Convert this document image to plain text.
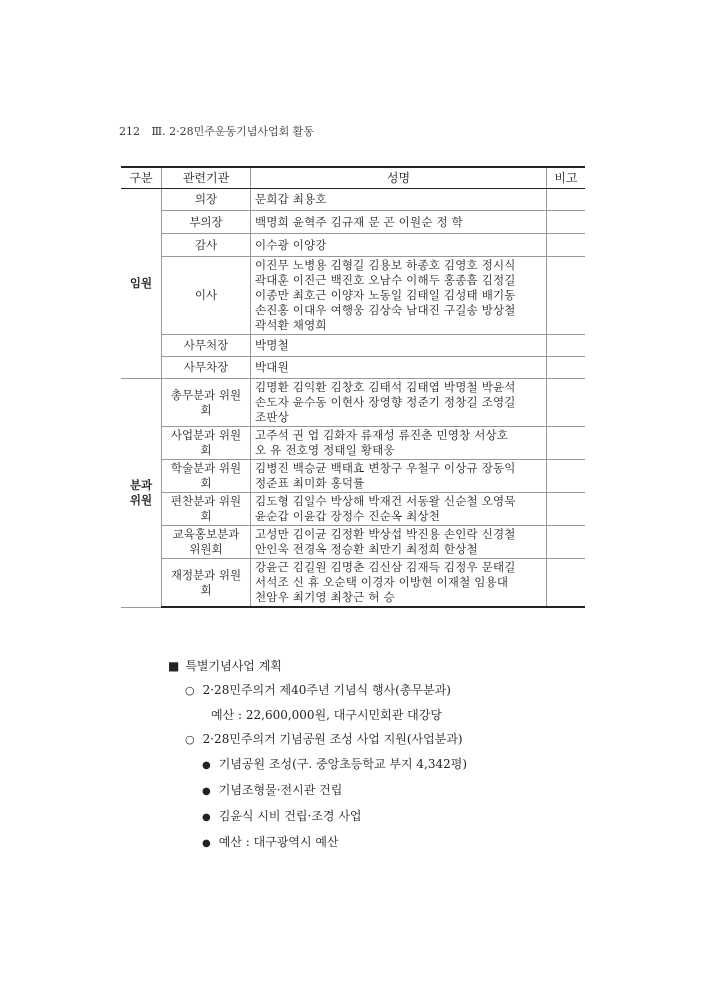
212 Ⅲ. 2·28민주운동기념사업회 활동
구분	관련기관	성명	비고
임원	의장	문희갑 최용호	
	부의장	백명희 윤혁주 김규재 문 곤 이원순 정 학	
	감사	이수광 이양강	
	이사	이진무 노병용 김형길 김용보 하종호 김영호 정시식
곽대훈 이진근 백진호 오남수 이해두 홍종흠 김정길
이종만 최호근 이양자 노동일 김태일 김성태 배기동
손진홍 이대우 여행웅 김상숙 남대진 구길송 방상철
곽석환 채영희	
	사무처장	박명철	
	사무차장	박대원	
분과
위원	총무분과 위원회	김명환 김익환 김창호 김태석 김태엽 박명철 박윤석
손도자 윤수동 이현사 장영향 정준기 정창길 조영길
조판상	
	사업분과 위원회	고주석 권 업 김화자 류재성 류진춘 민영창 서상호
오 유 전호영 정태일 황태웅	
	학술분과 위원회	김병진 백승균 백태효 변창구 우철구 이상규 장동익
정준표 최미화 홍덕률	
	편찬분과 위원회	김도형 김일수 박상해 박재건 서동왈 신순철 오영묵
윤순갑 이윤갑 장정수 진순옥 최상천	
	교육홍보분과
위원회	고성만 김이균 김정환 박상섭 박진용 손인락 신경철
안인욱 전경옥 정승환 최만기 최정희 한상철	
	재정분과 위원회	강윤근 김길원 김명춘 김신삼 김재득 김정우 문태길
서석조 신 휴 오순택 이경자 이방현 이재철 임용대
천암우 최기영 최창근 허 승	
■ 특별기념사업 계획
○ 2·28민주의거 제40주년 기념식 행사(총무분과)
예산 : 22,600,000원, 대구시민회관 대강당
○ 2·28민주의거 기념공원 조성 사업 지원(사업분과)
● 기념공원 조성(구. 중앙초등학교 부지 4,342평)
● 기념조형물·전시관 건립
● 김윤식 시비 건립·조경 사업
● 예산 : 대구광역시 예산
